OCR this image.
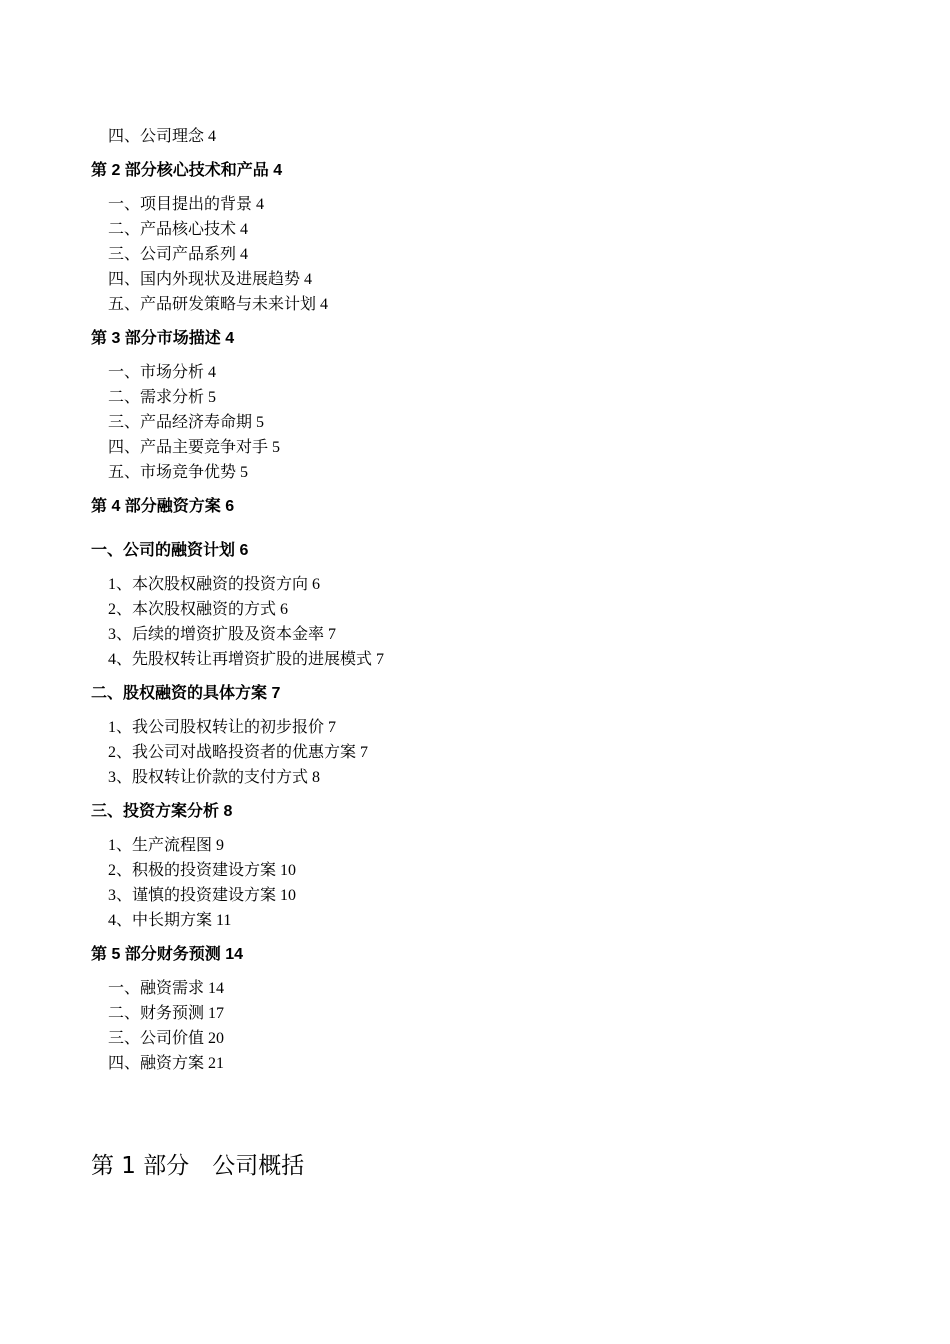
四、公司理念 4
第 2 部分核心技术和产品 4
一、项目提出的背景 4
二、产品核心技术 4
三、公司产品系列 4
四、国内外现状及进展趋势 4
五、产品研发策略与未来计划 4
第 3 部分市场描述 4
一、市场分析 4
二、需求分析 5
三、产品经济寿命期 5
四、产品主要竞争对手 5
五、市场竞争优势 5
第 4 部分融资方案 6
一、公司的融资计划 6
1、本次股权融资的投资方向 6
2、本次股权融资的方式 6
3、后续的增资扩股及资本金率 7
4、先股权转让再增资扩股的进展模式 7
二、股权融资的具体方案 7
1、我公司股权转让的初步报价 7
2、我公司对战略投资者的优惠方案 7
3、股权转让价款的支付方式 8
三、投资方案分析 8
1、生产流程图 9
2、积极的投资建设方案 10
3、谨慎的投资建设方案 10
4、中长期方案 11
第 5 部分财务预测 14
一、融资需求 14
二、财务预测 17
三、公司价值 20
四、融资方案 21
第 1 部分　公司概括
